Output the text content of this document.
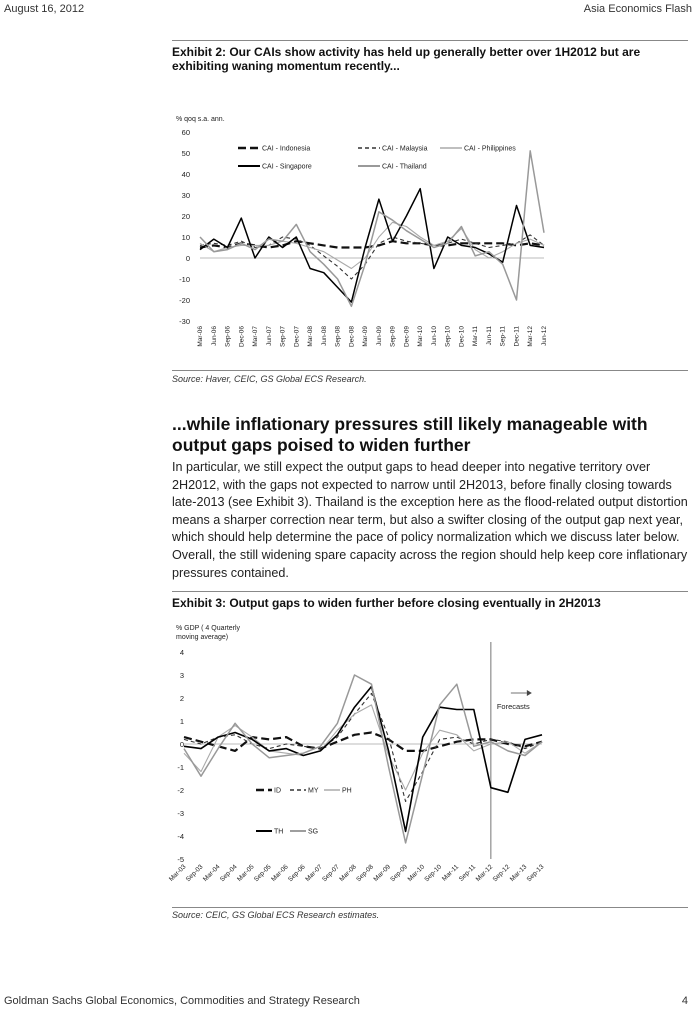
August 16, 2012	Asia Economics Flash
Exhibit 2: Our CAIs show activity has held up generally better over 1H2012 but are exhibiting waning momentum recently...
% qoq s.a. ann.
60
50
40
30
20
10
0
-10
-20
-30
Mar-06 Jun-06 Sep-06 Dec-06 Mar-07 Jun-07 Sep-07 Dec-07 Mar-08 Jun-08 Sep-08 Dec-08 Mar-09 Jun-09 Sep-09 Dec-09 Mar-10 Jun-10 Sep-10 Dec-10 Mar-11 Jun-11 Sep-11 Dec-11 Mar-12 Jun-12
CAI - Indonesia	CAI - Malaysia	CAI - Philippines
CAI - Singapore	CAI - Thailand
Source: Haver, CEIC, GS Global ECS Research.
...while inflationary pressures still likely manageable with output gaps poised to widen further
In particular, we still expect the output gaps to head deeper into negative territory over 2H2012, with the gaps not expected to narrow until 2H2013, before finally closing towards late-2013 (see Exhibit 3). Thailand is the exception here as the flood-related output distortion means a sharper correction near term, but also a swifter closing of the output gap next year, which should help determine the pace of policy normalization which we discuss later below. Overall, the still widening spare capacity across the region should help keep core inflationary pressures contained.
Exhibit 3: Output gaps to widen further before closing eventually in 2H2013
% GDP ( 4 Quarterly moving average)
4
3
2
1
0
-1
-2
-3
-4
-5
Mar-03
Sep-03
Mar-04
Sep-04
Mar-05
Sep-05
Mar-06
Sep-06
Mar-07
Sep-07
Mar-08
Sep-08
Mar-09
Sep-09
Mar-10
Sep-10
Mar-11
Sep-11
Mar-12
Sep-12
Mar-13
Sep-13
Forecasts
ID	MY	PH
TH	SG
Source: CEIC, GS Global ECS Research estimates.
Goldman Sachs Global Economics, Commodities and Strategy Research	4
